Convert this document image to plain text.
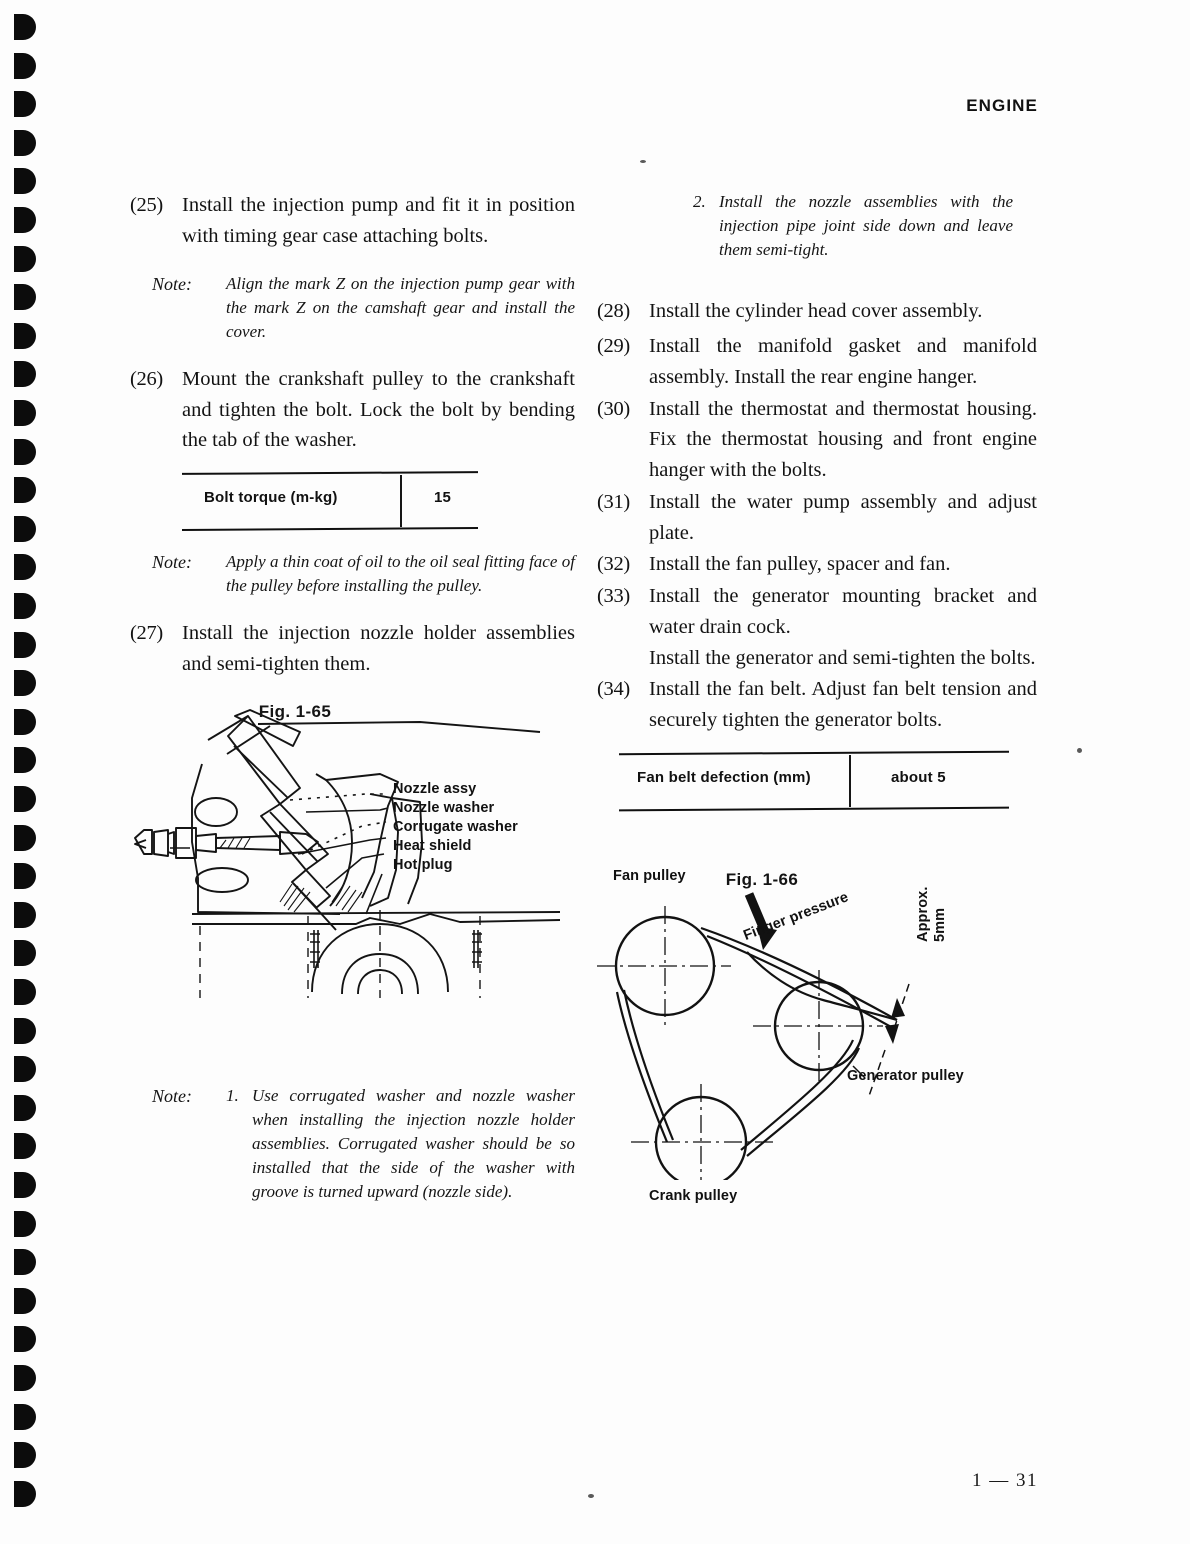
ENGINE
(25) Install the injection pump and fit it in position with timing gear case attaching bolts.
Note:	Align the mark Z on the injection pump gear with the mark Z on the camshaft gear and install the cover.
(26) Mount the crankshaft pulley to the crankshaft and tighten the bolt. Lock the bolt by bending the tab of the washer.
Bolt torque (m-kg)	15
Note:	Apply a thin coat of oil to the oil seal fitting face of the pulley before installing the pulley.
(27) Install the injection nozzle holder assemblies and semi-tighten them.
Nozzle assy
Nozzle washer
Corrugate washer
Heat shield
Hot plug
Fig. 1-65
Note:	1. Use corrugated washer and nozzle washer when installing the injection nozzle holder assemblies. Corrugated washer should be so installed that the side of the washer with groove is turned upward (nozzle side).
2. Install the nozzle assemblies with the injection pipe joint side down and leave them semi-tight.
(28) Install the cylinder head cover assembly.
(29) Install the manifold gasket and manifold assembly. Install the rear engine hanger.
(30) Install the thermostat and thermostat housing. Fix the thermostat housing and front engine hanger with the bolts.
(31) Install the water pump assembly and adjust plate.
(32) Install the fan pulley, spacer and fan.
(33) Install the generator mounting bracket and water drain cock.

Install the generator and semi-tighten the bolts.

(34) Install the fan belt. Adjust fan belt tension and securely tighten the generator bolts.
Fan belt defection (mm)	about 5
Fan pulley
Finger pressure	Approx. 5mm
Generator pulley
Crank pulley
Fig. 1-66
1 — 31
